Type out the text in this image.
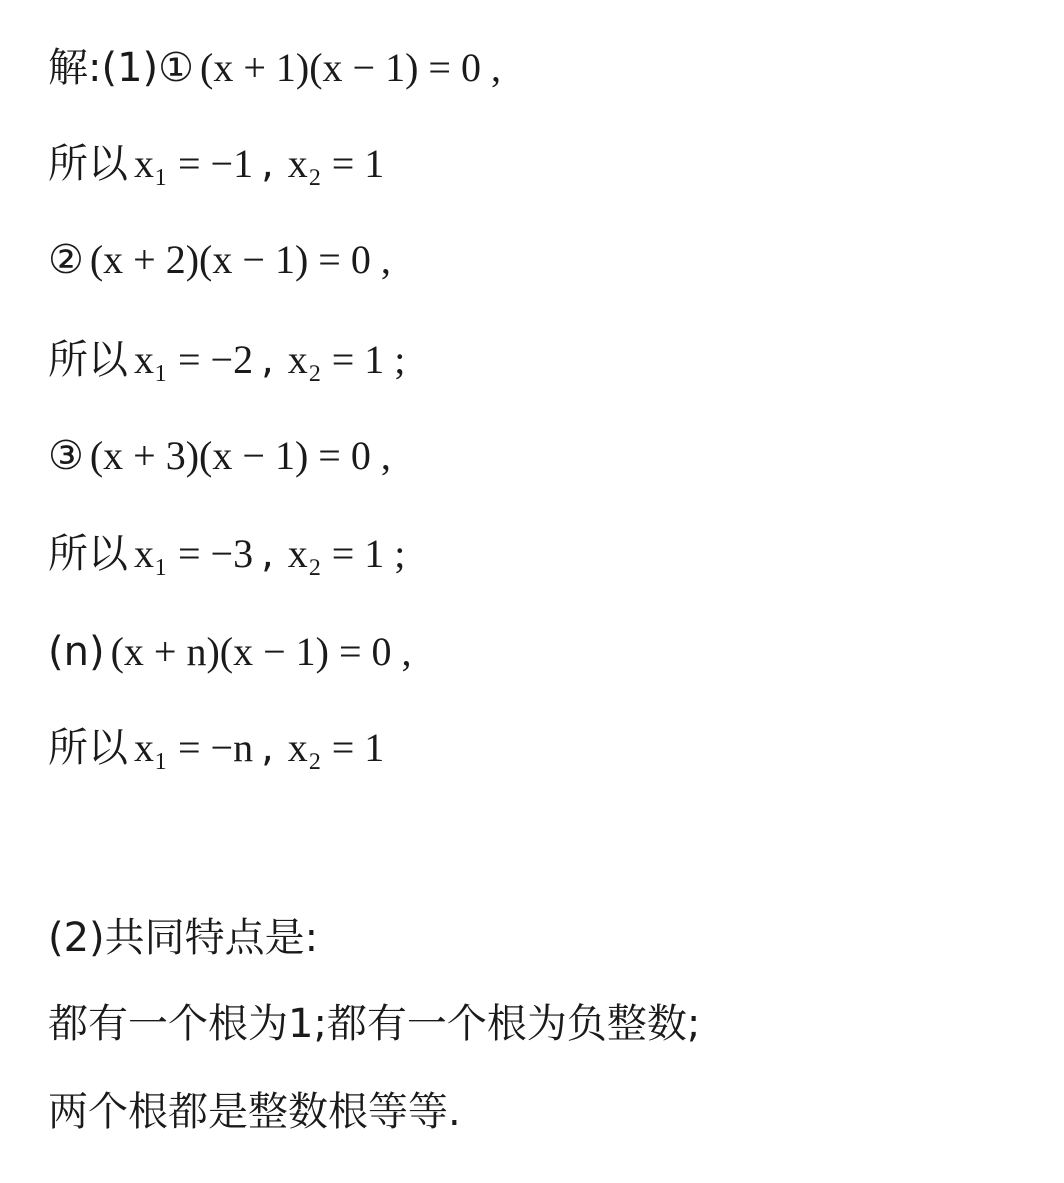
解:(1)① (x + 1)(x − 1) = 0 ,
所以 x₁ = −1 , x₂ = 1
② (x + 2)(x − 1) = 0 ,
所以 x₁ = −2 , x₂ = 1 ;
③ (x + 3)(x − 1) = 0 ,
所以 x₁ = −3 , x₂ = 1 ;
(n) (x + n)(x − 1) = 0 ,
所以 x₁ = −n , x₂ = 1
(2)共同特点是:
都有一个根为1;都有一个根为负整数;
两个根都是整数根等等.
